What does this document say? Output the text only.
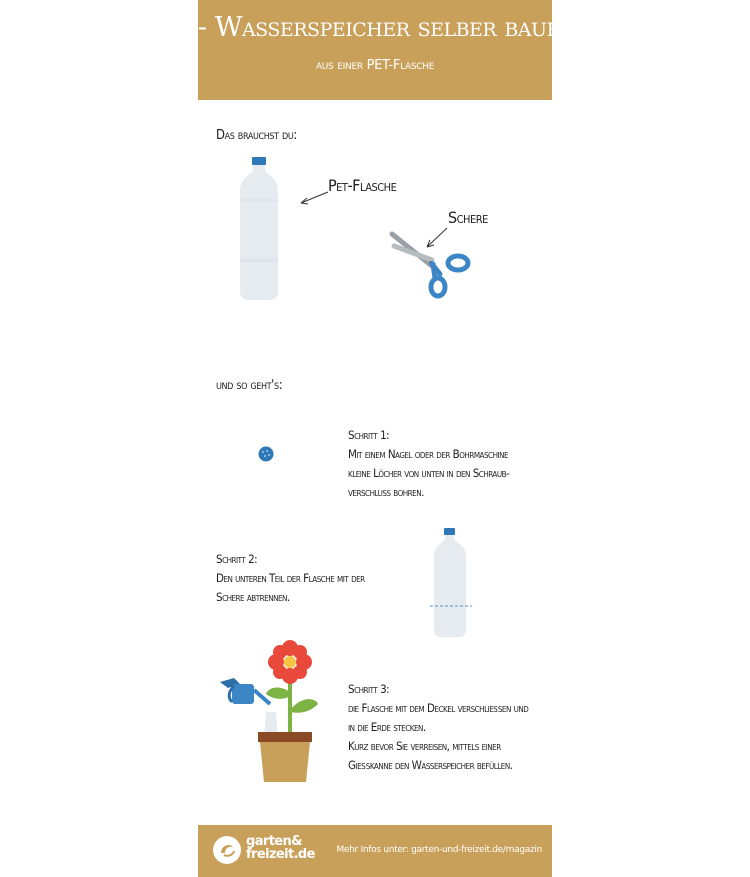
- Wasserspeicher selber bauen -
aus einer PET-Flasche
Das brauchst du:
Pet-Flasche
Schere
und so geht's:
Schritt 1:
Mit einem Nagel oder der Bohrmaschine
kleine Löcher von unten in den Schraub-
verschluss bohren.
Schritt 2:
Den unteren Teil der Flasche mit der
Schere abtrennen.
Schritt 3:
die Flasche mit dem Deckel verschließen und
in die Erde stecken.
Kurz bevor Sie verreisen, mittels einer
Gießkanne den Wasserspeicher befüllen.
garten&
freizeit.de Mehr Infos unter: garten-und-freizeit.de/magazin
